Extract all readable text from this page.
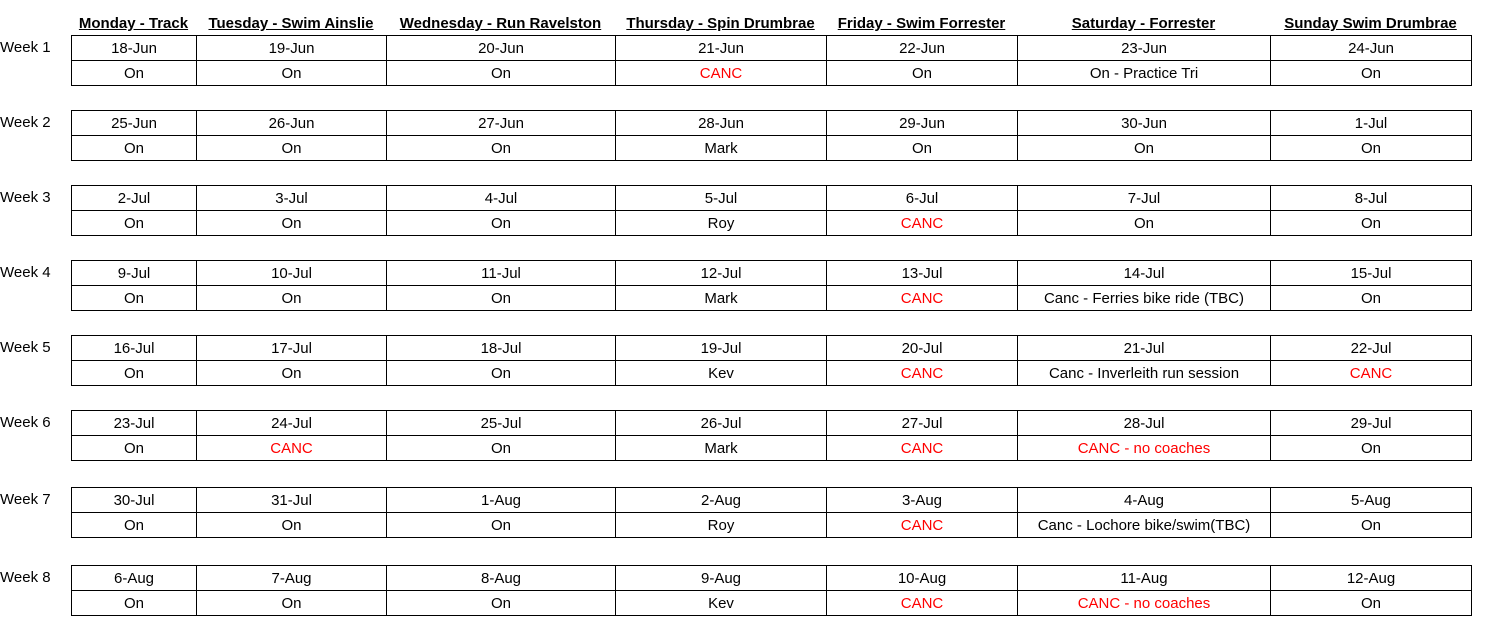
Monday - Track	Tuesday - Swim Ainslie	Wednesday - Run Ravelston	Thursday - Spin Drumbrae	Friday - Swim Forrester	Saturday - Forrester	Sunday Swim Drumbrae
Week 1	18-Jun	19-Jun	20-Jun	21-Jun	22-Jun	23-Jun	24-Jun
On	On	On	CANC	On	On - Practice Tri	On
Week 2	25-Jun	26-Jun	27-Jun	28-Jun	29-Jun	30-Jun	1-Jul
On	On	On	Mark	On	On	On
Week 3	2-Jul	3-Jul	4-Jul	5-Jul	6-Jul	7-Jul	8-Jul
On	On	On	Roy	CANC	On	On
Week 4	9-Jul	10-Jul	11-Jul	12-Jul	13-Jul	14-Jul	15-Jul
On	On	On	Mark	CANC	Canc - Ferries bike ride (TBC)	On
Week 5	16-Jul	17-Jul	18-Jul	19-Jul	20-Jul	21-Jul	22-Jul
On	On	On	Kev	CANC	Canc - Inverleith run session	CANC
Week 6	23-Jul	24-Jul	25-Jul	26-Jul	27-Jul	28-Jul	29-Jul
On	CANC	On	Mark	CANC	CANC - no coaches	On
Week 7	30-Jul	31-Jul	1-Aug	2-Aug	3-Aug	4-Aug	5-Aug
On	On	On	Roy	CANC	Canc - Lochore bike/swim(TBC)	On
Week 8	6-Aug	7-Aug	8-Aug	9-Aug	10-Aug	11-Aug	12-Aug
On	On	On	Kev	CANC	CANC - no coaches	On
